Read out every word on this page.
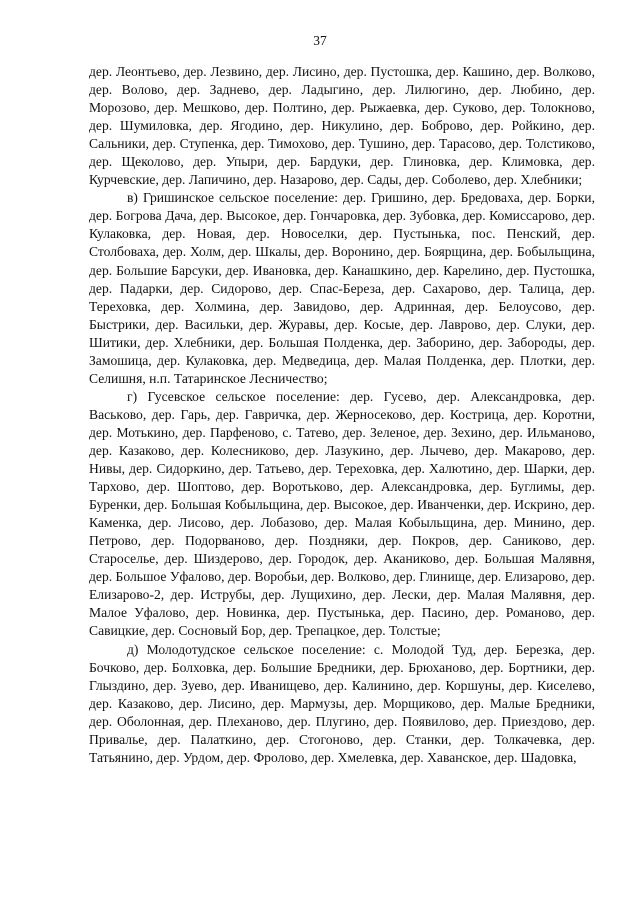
37

дер. Леонтьево, дер. Лезвино, дер. Лисино, дер. Пустошка, дер. Кашино, дер. Волково, дер. Волово, дер. Заднево, дер. Ладыгино, дер. Лилюгино, дер. Любино, дер. Морозово, дер. Мешково, дер. Полтино, дер. Рыжаевка, дер. Суково, дер. Толокново, дер. Шумиловка, дер. Ягодино, дер. Никулино, дер. Боброво, дер. Ройкино, дер. Сальники, дер. Ступенка, дер. Тимохово, дер. Тушино, дер. Тарасово, дер. Толстиково, дер. Щеколово, дер. Упыри, дер. Бардуки, дер. Глиновка, дер. Климовка, дер. Курчевские, дер. Лапичино, дер. Назарово, дер. Сады, дер. Соболево, дер. Хлебники;

в) Гришинское сельское поселение: дер. Гришино, дер. Бредоваха, дер. Борки, дер. Богрова Дача, дер. Высокое, дер. Гончаровка, дер. Зубовка, дер. Комиссарово, дер. Кулаковка, дер. Новая, дер. Новоселки, дер. Пустынька, пос. Пенский, дер. Столбоваха, дер. Холм, дер. Шкалы, дер. Воронино, дер. Боярщина, дер. Бобыльщина, дер. Большие Барсуки, дер. Ивановка, дер. Канашкино, дер. Карелино, дер. Пустошка, дер. Падарки, дер. Сидорово, дер. Спас-Береза, дер. Сахарово, дер. Талица, дер. Тереховка, дер. Холмина, дер. Завидово, дер. Адринная, дер. Белоусово, дер. Быстрики, дер. Васильки, дер. Журавы, дер. Косые, дер. Лаврово, дер. Слуки, дер. Шитики, дер. Хлебники, дер. Большая Полденка, дер. Заборино, дер. Забороды, дер. Замошица, дер. Кулаковка, дер. Медведица, дер. Малая Полденка, дер. Плотки, дер. Селишня, н.п. Татаринское Лесничество;

г) Гусевское сельское поселение: дер. Гусево, дер. Александровка, дер. Васькoво, дер. Гарь, дер. Гавричка, дер. Жерносеково, дер. Кострица, дер. Коротни, дер. Мотькино, дер. Парфеново, с. Татево, дер. Зеленое, дер. Зехино, дер. Ильманово, дер. Казаково, дер. Колесниково, дер. Лазукино, дер. Лычево, дер. Макарово, дер. Нивы, дер. Сидоркино, дер. Татьево, дер. Тереховка, дер. Халютино, дер. Шарки, дер. Тархово, дер. Шоптово, дер. Воротьково, дер. Александровка, дер. Буглимы, дер. Буренки, дер. Большая Кобыльщина, дер. Высокое, дер. Иванченки, дер. Искрино, дер. Каменка, дер. Лисово, дер. Лобазово, дер. Малая Кобыльщина, дер. Минино, дер. Петрово, дер. Подорваново, дер. Поздняки, дер. Покров, дер. Саниково, дер. Староселье, дер. Шиздерово, дер. Городок, дер. Аканиково, дер. Большая Малявня, дер. Большое Уфалово, дер. Воробьи, дер. Волково, дер. Глинище, дер. Елизарово, дер. Елизарово-2, дер. Иструбы, дер. Лущихино, дер. Лески, дер. Малая Малявня, дер. Малое Уфалово, дер. Новинка, дер. Пустынька, дер. Пасино, дер. Романово, дер. Савицкие, дер. Сосновый Бор, дер. Трепацкое, дер. Толстые;

д) Молодотудское сельское поселение: с. Молодой Туд, дер. Березка, дер. Бочково, дер. Болховка, дер. Большие Бредники, дер. Брюханово, дер. Бортники, дер. Глыздино, дер. Зуево, дер. Иванищево, дер. Калинино, дер. Коршуны, дер. Киселево, дер. Казаково, дер. Лисино, дер. Мармузы, дер. Морщиково, дер. Малые Бредники, дер. Оболонная, дер. Плеханово, дер. Плугино, дер. Появилово, дер. Приездово, дер. Привалье, дер. Палаткино, дер. Стогоново, дер. Станки, дер. Толкачевка, дер. Татьянино, дер. Урдом, дер. Фролово, дер. Хмелевка, дер. Хаванское, дер. Шадовка,
